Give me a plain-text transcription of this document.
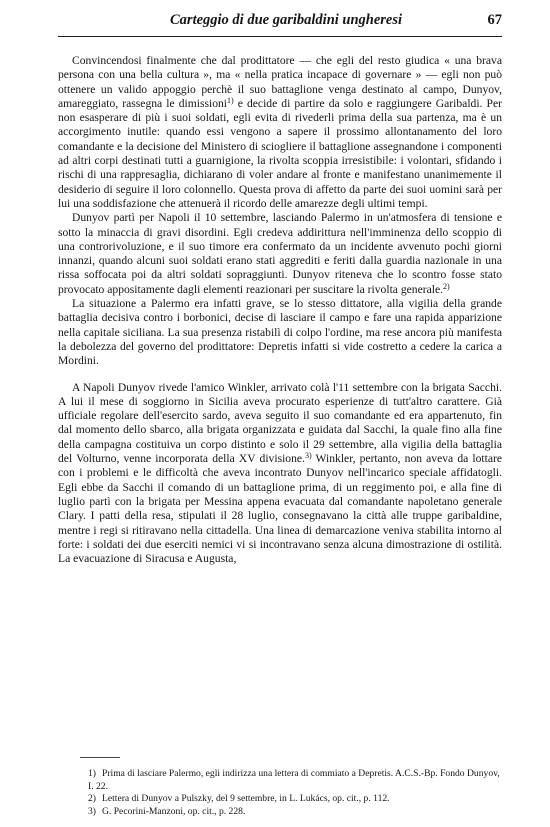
Carteggio di due garibaldini ungheresi	67

Convincendosi finalmente che dal prodittatore — che egli del resto giudica « una brava persona con una bella cultura », ma « nella pratica incapace di governare » — egli non può ottenere un valido appoggio perchè il suo battaglione venga destinato al campo, Dunyov, amareggiato, rassegna le dimissioni$^{1)}$ e decide di partire da solo e raggiungere Garibaldi. Per non esasperare di più i suoi soldati, egli evita di rivederli prima della sua partenza, ma è un accorgimento inutile: quando essi vengono a sapere il prossimo allontanamento del loro comandante e la decisione del Ministero di sciogliere il battaglione assegnandone i componenti ad altri corpi destinati tutti a guarnigione, la rivolta scoppia irresistibile: i volontari, sfidando i rischi di una rappresaglia, dichiarano di voler andare al fronte e manifestano unanimemente il desiderio di seguire il loro colonnello. Questa prova di affetto da parte dei suoi uomini sarà per lui una soddisfazione che attenuerà il ricordo delle amarezze degli ultimi tempi.

Dunyov partì per Napoli il 10 settembre, lasciando Palermo in un'atmosfera di tensione e sotto la minaccia di gravi disordini. Egli credeva addirittura nell'imminenza dello scoppio di una controrivoluzione, e il suo timore era confermato da un incidente avvenuto pochi giorni innanzi, quando alcuni suoi soldati erano stati aggrediti e feriti dalla guardia nazionale in una rissa soffocata poi da altri soldati sopraggiunti. Dunyov riteneva che lo scontro fosse stato provocato appositamente dagli elementi reazionari per suscitare la rivolta generale.$^{2)}$

La situazione a Palermo era infatti grave, se lo stesso dittatore, alla vigilia della grande battaglia decisiva contro i borbonici, decise di lasciare il campo e fare una rapida apparizione nella capitale siciliana. La sua presenza ristabilì di colpo l'ordine, ma rese ancora più manifesta la debolezza del governo del prodittatore: Depretis infatti si vide costretto a cedere la carica a Mordini.

A Napoli Dunyov rivede l'amico Winkler, arrivato colà l'11 settembre con la brigata Sacchi. A lui il mese di soggiorno in Sicilia aveva procurato esperienze di tutt'altro carattere. Già ufficiale regolare dell'esercito sardo, aveva seguito il suo comandante ed era appartenuto, fin dal momento dello sbarco, alla brigata organizzata e guidata dal Sacchi, la quale fino alla fine della campagna costituiva un corpo distinto e solo il 29 settembre, alla vigilia della battaglia del Volturno, venne incorporata della XV divisione.$^{3)}$ Winkler, pertanto, non aveva da lottare con i problemi e le difficoltà che aveva incontrato Dunyov nell'incarico speciale affidatogli. Egli ebbe da Sacchi il comando di un battaglione prima, di un reggimento poi, e alla fine di luglio partì con la brigata per Messina appena evacuata dal comandante napoletano generale Clary. I patti della resa, stipulati il 28 luglio, consegnavano la città alle truppe garibaldine, mentre i regi si ritiravano nella cittadella. Una linea di demarcazione veniva stabilita intorno al forte: i soldati dei due eserciti nemici vi si incontravano senza alcuna dimostrazione di ostilità. La evacuazione di Siracusa e Augusta,

1) Prima di lasciare Palermo, egli indirizza una lettera di commiato a Depretis. A.C.S.-Bp. Fondo Dunyov, I. 22.
2) Lettera di Dunyov a Pulszky, del 9 settembre, in L. Lukács, op. cit., p. 112.
3) G. Pecorini-Manzoni, op. cit., p. 228.
